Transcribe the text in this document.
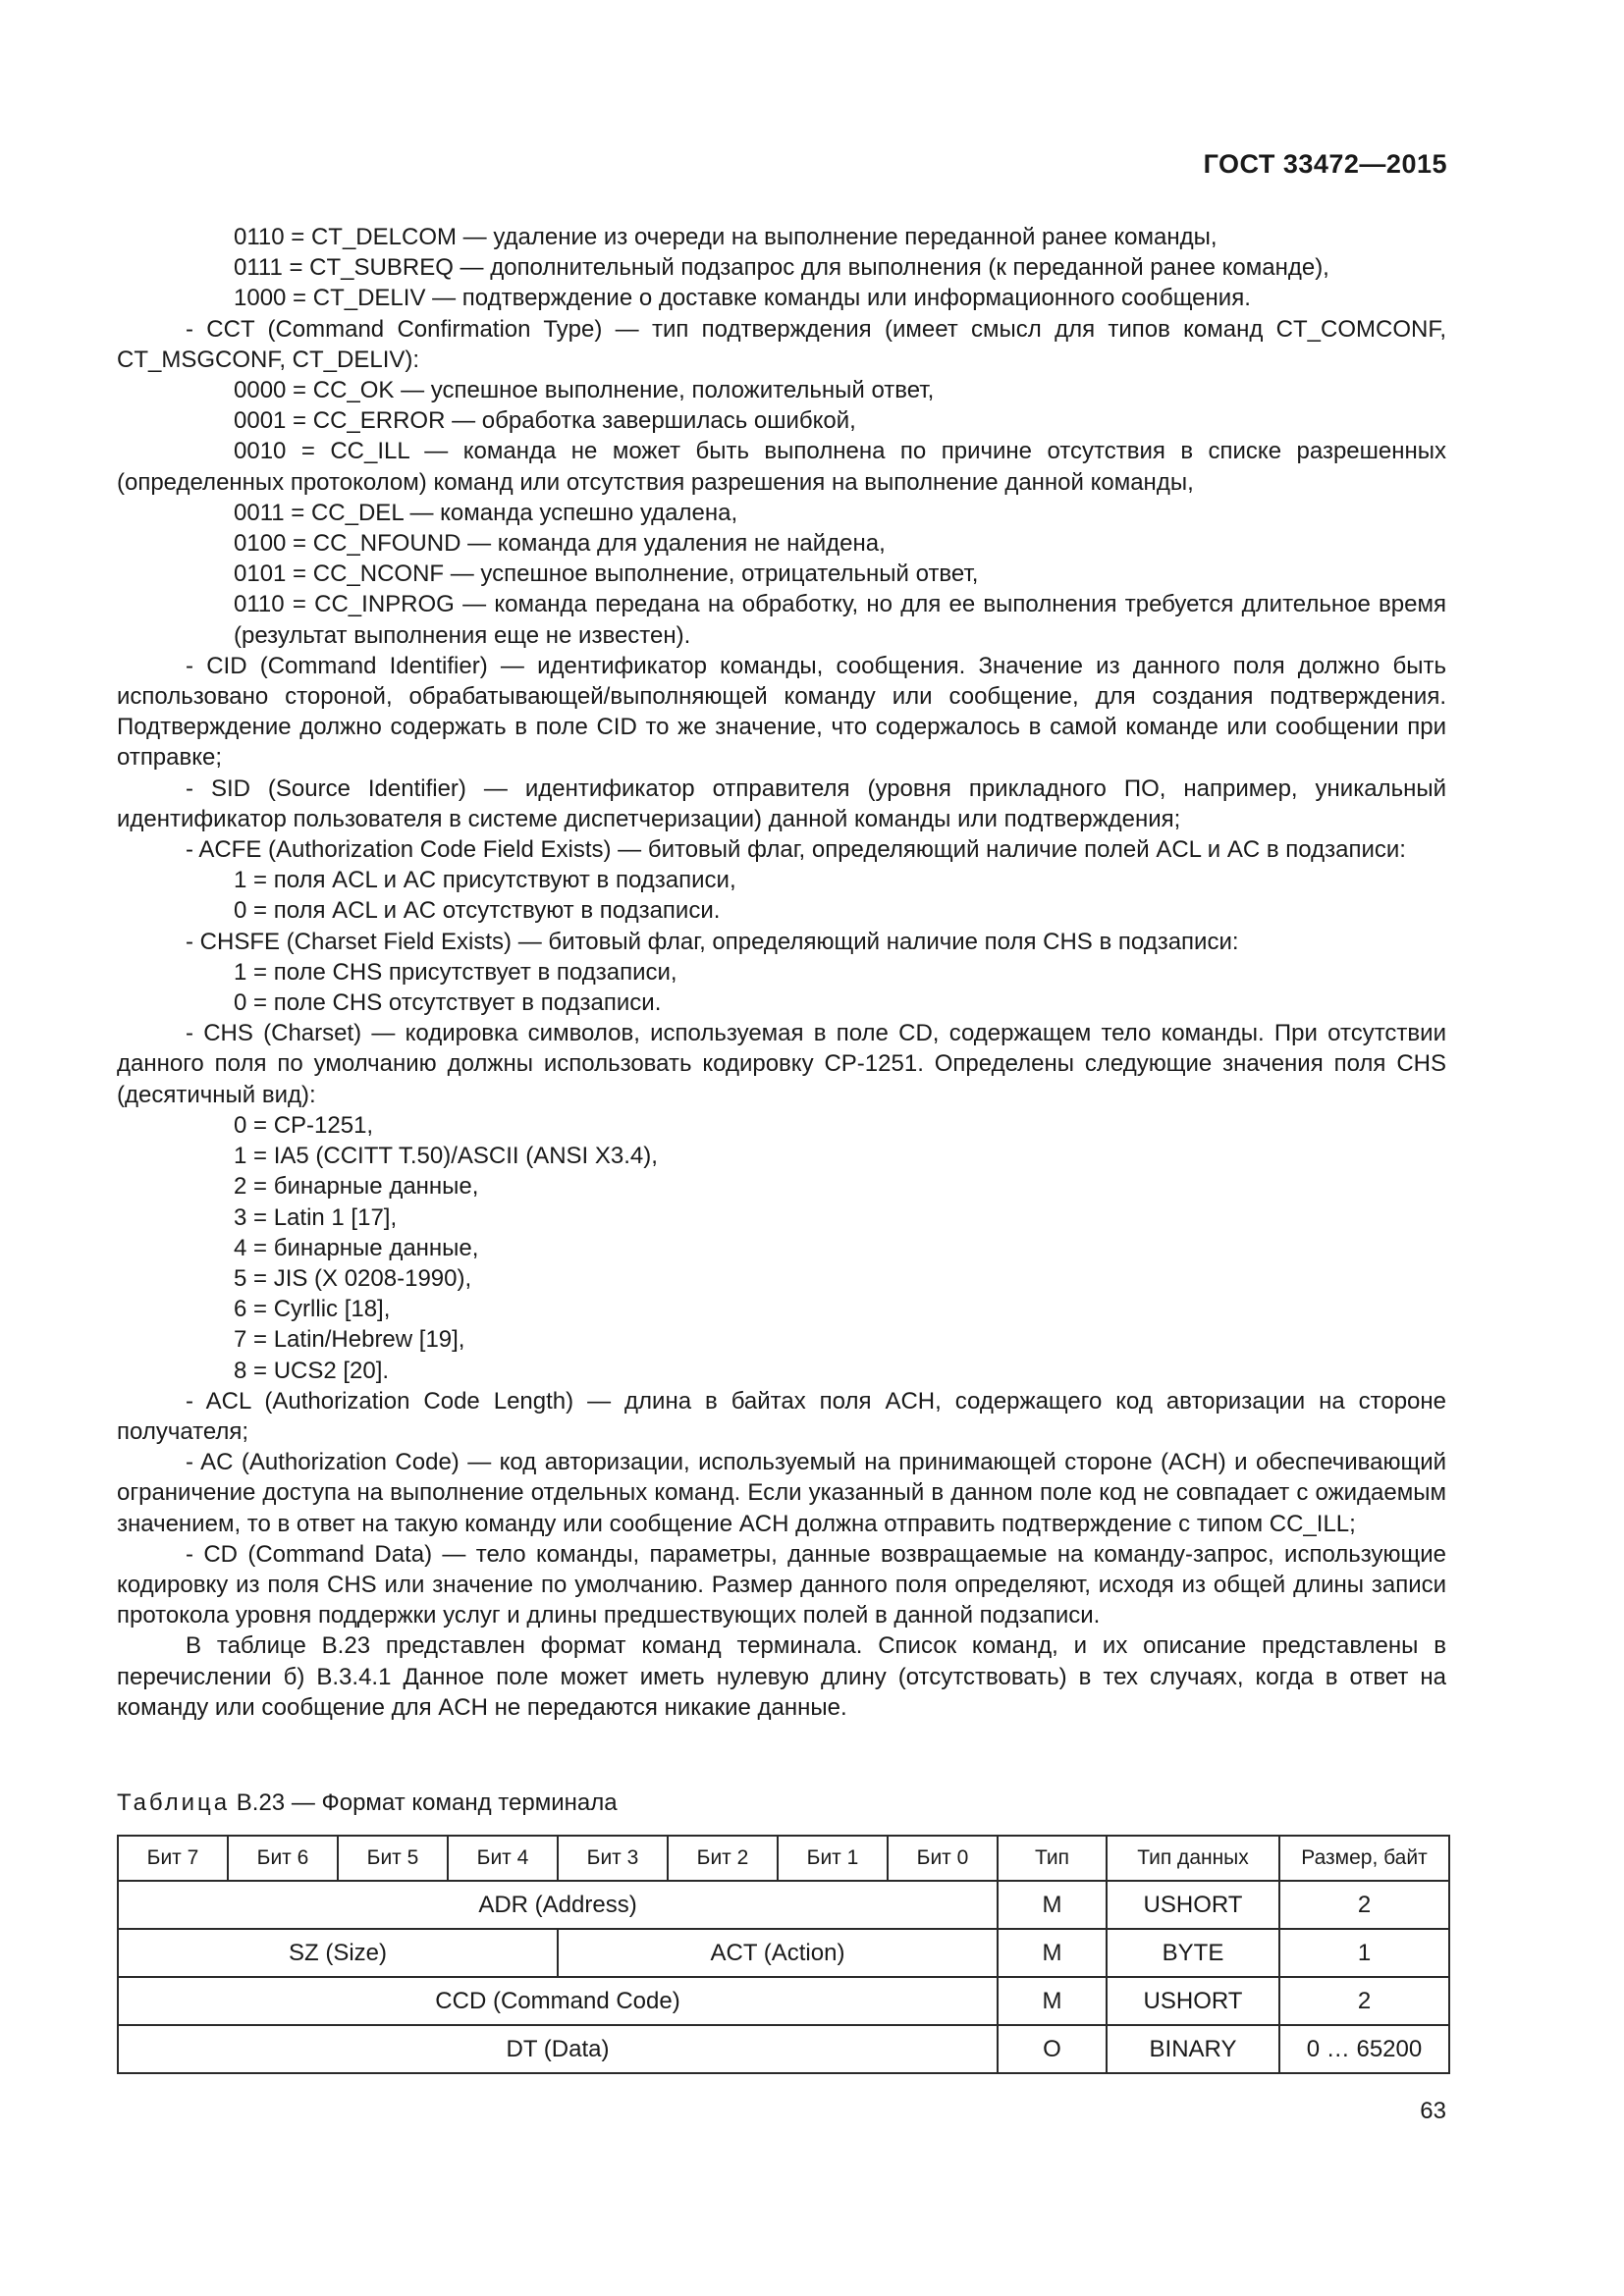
ГОСТ 33472—2015

0110 = CT_DELCOM — удаление из очереди на выполнение переданной ранее команды,

0111 = CT_SUBREQ — дополнительный подзапрос для выполнения (к переданной ранее команде),

1000 = CT_DELIV — подтверждение о доставке команды или информационного сообщения.

- CCT (Command Confirmation Type) — тип подтверждения (имеет смысл для типов команд CT_COMCONF, CT_MSGCONF, CT_DELIV):

0000 = CC_OK — успешное выполнение, положительный ответ,

0001 = CC_ERROR — обработка завершилась ошибкой,

0010 = CC_ILL — команда не может быть выполнена по причине отсутствия в списке разрешенных (определенных протоколом) команд или отсутствия разрешения на выполнение данной команды,

0011 = CC_DEL — команда успешно удалена,

0100 = CC_NFOUND — команда для удаления не найдена,

0101 = CC_NCONF — успешное выполнение, отрицательный ответ,

0110 = CC_INPROG — команда передана на обработку, но для ее выполнения требуется длительное время (результат выполнения еще не известен).

- CID (Command Identifier) — идентификатор команды, сообщения. Значение из данного поля должно быть использовано стороной, обрабатывающей/выполняющей команду или сообщение, для создания подтверждения. Подтверждение должно содержать в поле CID то же значение, что содержалось в самой команде или сообщении при отправке;

- SID (Source Identifier) — идентификатор отправителя (уровня прикладного ПО, например, уникальный идентификатор пользователя в системе диспетчеризации) данной команды или подтверждения;

- ACFE (Authorization Code Field Exists) — битовый флаг, определяющий наличие полей ACL и AC в подзаписи:

1 = поля ACL и AC присутствуют в подзаписи,

0 = поля ACL и AC отсутствуют в подзаписи.

- CHSFE (Charset Field Exists) — битовый флаг, определяющий наличие поля CHS в подзаписи:

1 = поле CHS присутствует в подзаписи,

0 = поле CHS отсутствует в подзаписи.

- CHS (Charset) — кодировка символов, используемая в поле CD, содержащем тело команды. При отсутствии данного поля по умолчанию должны использовать кодировку CP-1251. Определены следующие значения поля CHS (десятичный вид):

0 = CP-1251,

1 = IA5 (CCITT T.50)/ASCII (ANSI X3.4),

2 = бинарные данные,

3 = Latin 1 [17],

4 = бинарные данные,

5 = JIS (X 0208-1990),

6 = Cyrllic [18],

7 = Latin/Hebrew [19],

8 = UCS2 [20].

- ACL (Authorization Code Length) — длина в байтах поля ACH, содержащего код авторизации на стороне получателя;

- AC (Authorization Code) — код авторизации, используемый на принимающей стороне (ACH) и обеспечивающий ограничение доступа на выполнение отдельных команд. Если указанный в данном поле код не совпадает с ожидаемым значением, то в ответ на такую команду или сообщение ACH должна отправить подтверждение с типом CC_ILL;

- CD (Command Data) — тело команды, параметры, данные возвращаемые на команду-запрос, использующие кодировку из поля CHS или значение по умолчанию. Размер данного поля определяют, исходя из общей длины записи протокола уровня поддержки услуг и длины предшествующих полей в данной подзаписи.

В таблице В.23 представлен формат команд терминала. Список команд, и их описание представлены в перечислении б) В.3.4.1 Данное поле может иметь нулевую длину (отсутствовать) в тех случаях, когда в ответ на команду или сообщение для ACH не передаются никакие данные.

Таблица В.23 — Формат команд терминала
Бит 7	Бит 6	Бит 5	Бит 4	Бит 3	Бит 2	Бит 1	Бит 0	Тип	Тип данных	Размер, байт
ADR (Address)								M	USHORT	2
SZ (Size)				ACT (Action)				M	BYTE	1
CCD (Command Code)								M	USHORT	2
DT (Data)								O	BINARY	0 … 65200
63
